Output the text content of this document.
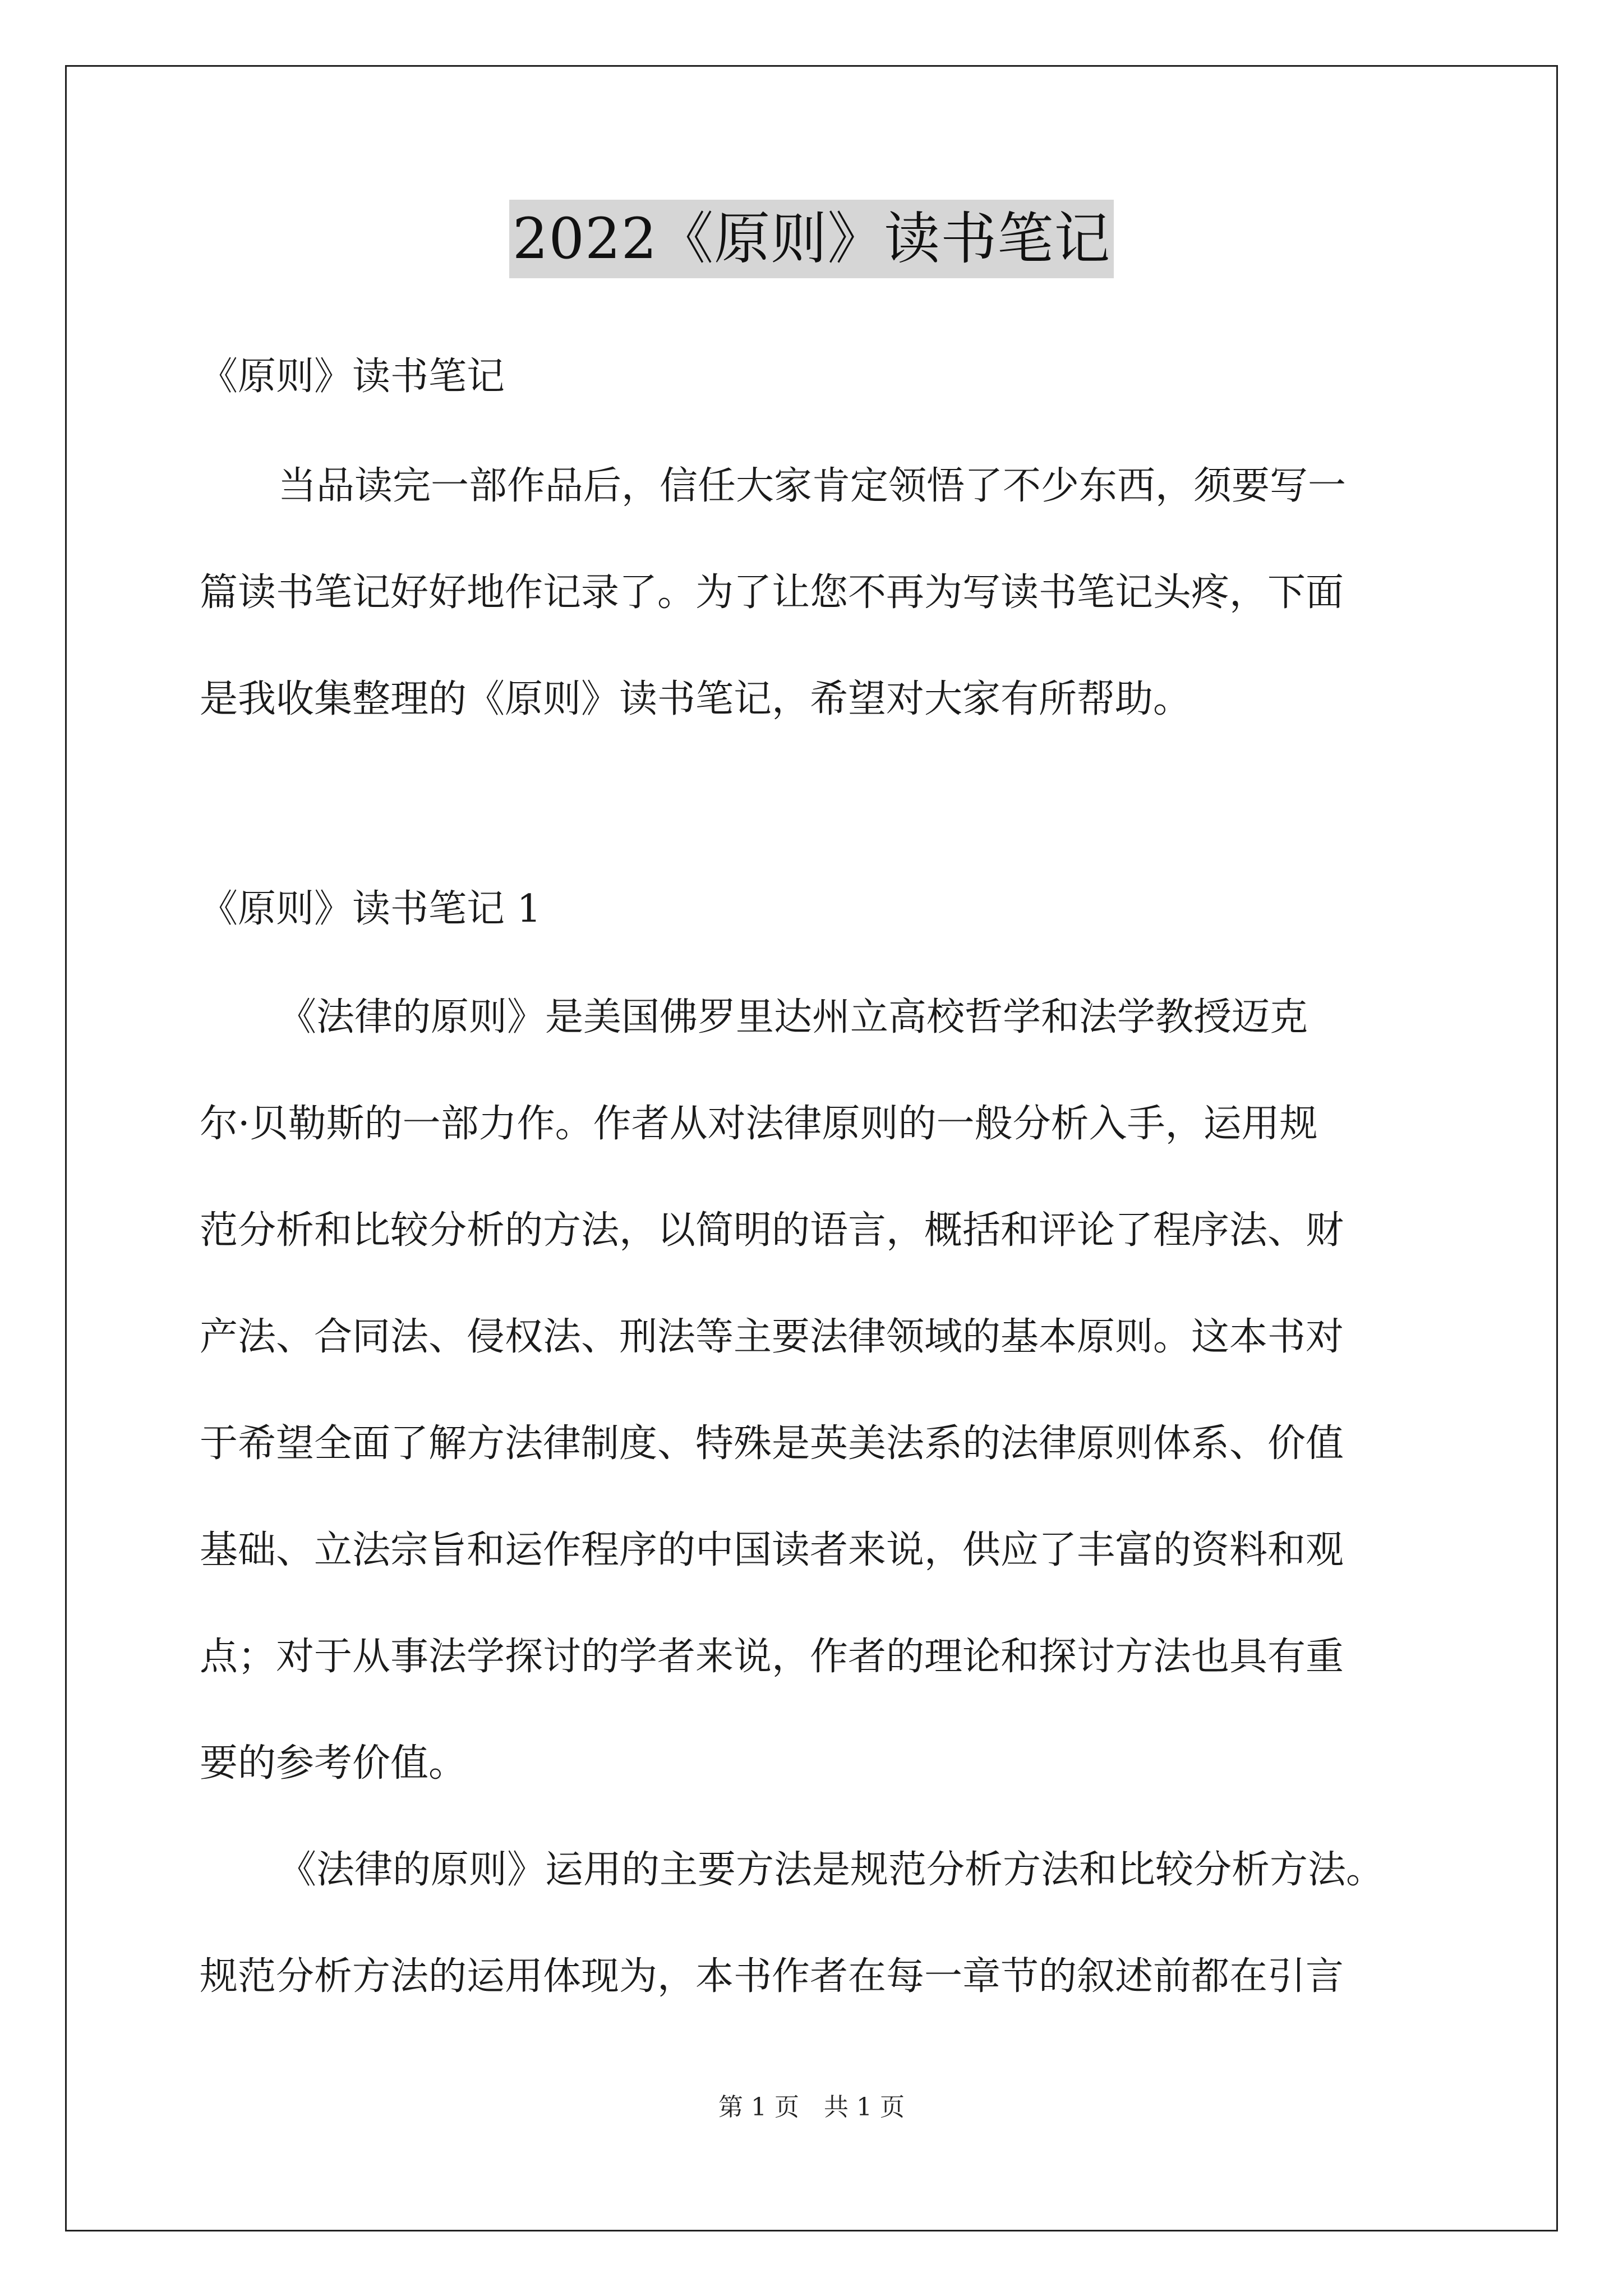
2022《原则》读书笔记
《原则》读书笔记
当品读完一部作品后，信任大家肯定领悟了不少东西，须要写一
篇读书笔记好好地作记录了。为了让您不再为写读书笔记头疼，下面
是我收集整理的《原则》读书笔记，希望对大家有所帮助。
《原则》读书笔记 1
《法律的原则》是美国佛罗里达州立高校哲学和法学教授迈克
尔·贝勒斯的一部力作。作者从对法律原则的一般分析入手，运用规
范分析和比较分析的方法，以简明的语言，概括和评论了程序法、财
产法、合同法、侵权法、刑法等主要法律领域的基本原则。这本书对
于希望全面了解方法律制度、特殊是英美法系的法律原则体系、价值
基础、立法宗旨和运作程序的中国读者来说，供应了丰富的资料和观
点；对于从事法学探讨的学者来说，作者的理论和探讨方法也具有重
要的参考价值。
《法律的原则》运用的主要方法是规范分析方法和比较分析方法。
规范分析方法的运用体现为，本书作者在每一章节的叙述前都在引言
第 1 页　共 1 页
